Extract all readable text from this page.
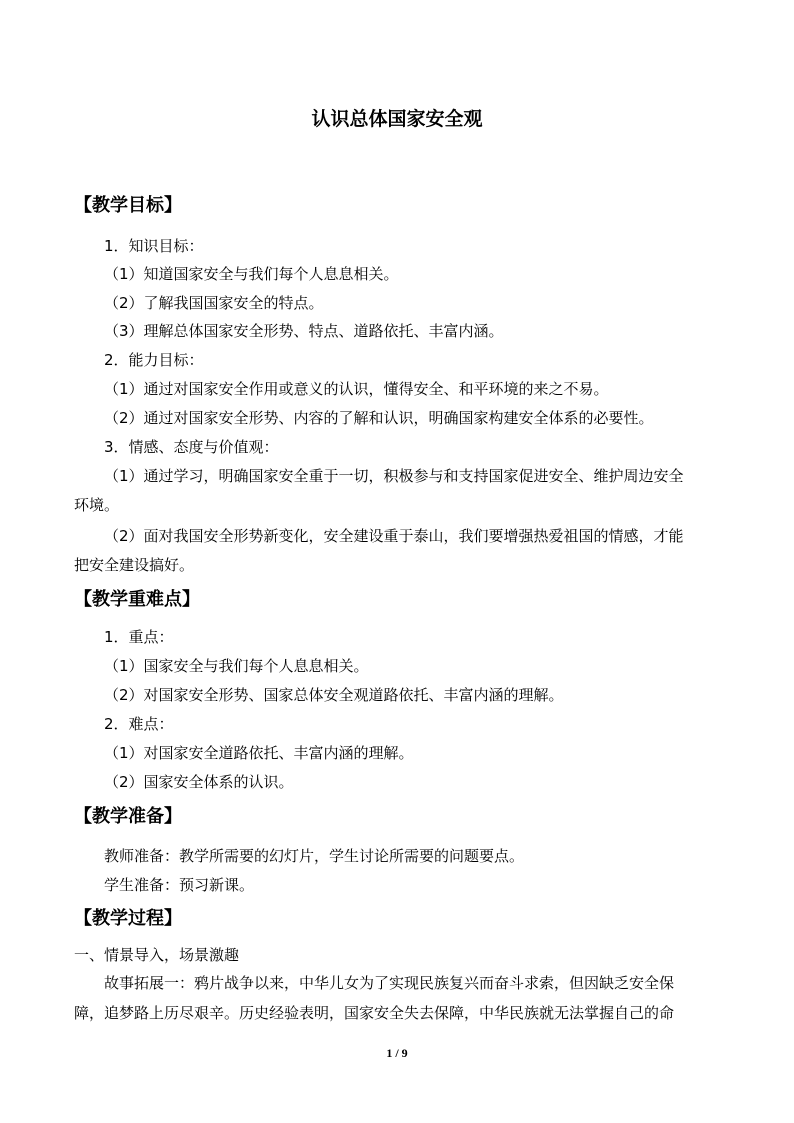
认识总体国家安全观
【教学目标】
1．知识目标：
（1）知道国家安全与我们每个人息息相关。
（2）了解我国国家安全的特点。
（3）理解总体国家安全形势、特点、道路依托、丰富内涵。
2．能力目标：
（1）通过对国家安全作用或意义的认识，懂得安全、和平环境的来之不易。
（2）通过对国家安全形势、内容的了解和认识，明确国家构建安全体系的必要性。
3．情感、态度与价值观：
（1）通过学习，明确国家安全重于一切，积极参与和支持国家促进安全、维护周边安全
环境。
（2）面对我国安全形势新变化，安全建设重于泰山，我们要增强热爱祖国的情感，才能
把安全建设搞好。
【教学重难点】
1．重点：
（1）国家安全与我们每个人息息相关。
（2）对国家安全形势、国家总体安全观道路依托、丰富内涵的理解。
2．难点：
（1）对国家安全道路依托、丰富内涵的理解。
（2）国家安全体系的认识。
【教学准备】
教师准备：教学所需要的幻灯片，学生讨论所需要的问题要点。
学生准备：预习新课。
【教学过程】
一、情景导入，场景激趣
故事拓展一：鸦片战争以来，中华儿女为了实现民族复兴而奋斗求索，但因缺乏安全保
障，追梦路上历尽艰辛。历史经验表明，国家安全失去保障，中华民族就无法掌握自己的命
1 / 9
